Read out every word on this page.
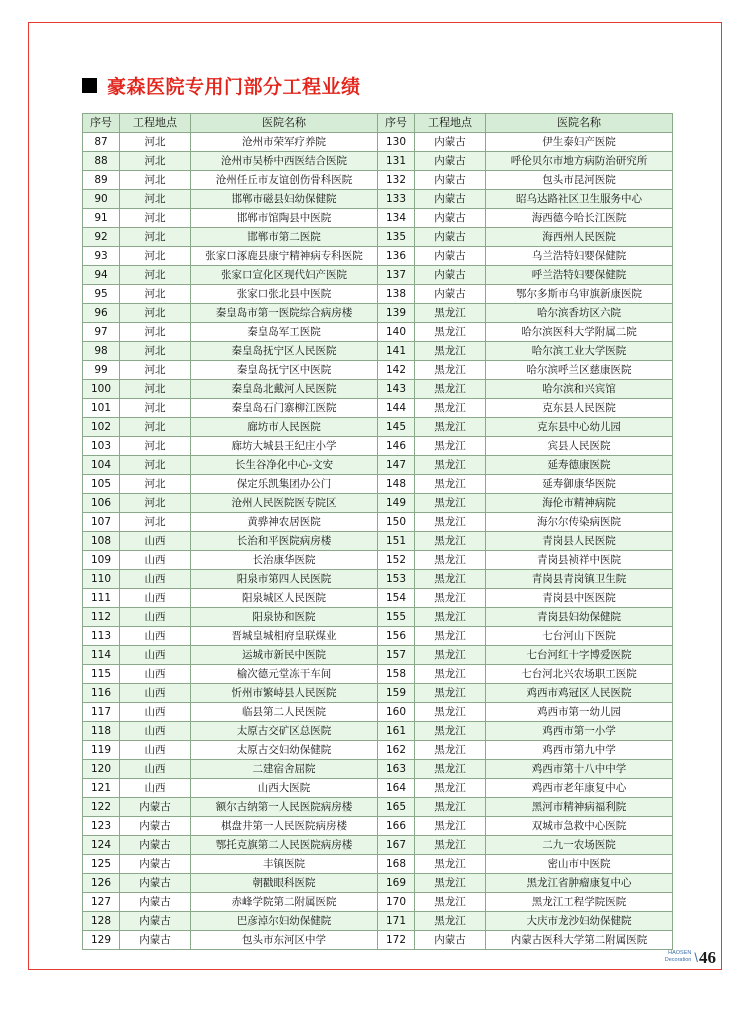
豪森医院专用门部分工程业绩
序号	工程地点	医院名称	序号	工程地点	医院名称
87	河北	沧州市荣军疗养院	130	内蒙古	伊生泰妇产医院
88	河北	沧州市吴桥中西医结合医院	131	内蒙古	呼伦贝尔市地方病防治研究所
89	河北	沧州任丘市友谊创伤骨科医院	132	内蒙古	包头市昆河医院
90	河北	邯郸市磁县妇幼保健院	133	内蒙古	昭乌达路社区卫生服务中心
91	河北	邯郸市馆陶县中医院	134	内蒙古	海西德今哈长江医院
92	河北	邯郸市第二医院	135	内蒙古	海西州人民医院
93	河北	张家口涿鹿县康宁精神病专科医院	136	内蒙古	乌兰浩特妇婴保健院
94	河北	张家口宣化区现代妇产医院	137	内蒙古	呼兰浩特妇婴保健院
95	河北	张家口张北县中医院	138	内蒙古	鄂尔多斯市乌审旗新康医院
96	河北	秦皇岛市第一医院综合病房楼	139	黑龙江	哈尔滨香坊区六院
97	河北	秦皇岛军工医院	140	黑龙江	哈尔滨医科大学附属二院
98	河北	秦皇岛抚宁区人民医院	141	黑龙江	哈尔滨工业大学医院
99	河北	秦皇岛抚宁区中医院	142	黑龙江	哈尔滨呼兰区慈康医院
100	河北	秦皇岛北戴河人民医院	143	黑龙江	哈尔滨和兴宾馆
101	河北	秦皇岛石门寨柳江医院	144	黑龙江	克东县人民医院
102	河北	廊坊市人民医院	145	黑龙江	克东县中心幼儿园
103	河北	廊坊大城县王纪庄小学	146	黑龙江	宾县人民医院
104	河北	长生谷净化中心-文安	147	黑龙江	延寿德康医院
105	河北	保定乐凯集团办公门	148	黑龙江	延寿御康华医院
106	河北	沧州人民医院医专院区	149	黑龙江	海伦市精神病院
107	河北	黄骅神农居医院	150	黑龙江	海尔尔传染病医院
108	山西	长治和平医院病房楼	151	黑龙江	青岗县人民医院
109	山西	长治康华医院	152	黑龙江	青岗县祯祥中医院
110	山西	阳泉市第四人民医院	153	黑龙江	青岗县青岗镇卫生院
111	山西	阳泉城区人民医院	154	黑龙江	青岗县中医医院
112	山西	阳泉协和医院	155	黑龙江	青岗县妇幼保健院
113	山西	晋城皇城相府皇联煤业	156	黑龙江	七台河山下医院
114	山西	运城市新民中医院	157	黑龙江	七台河红十字博爱医院
115	山西	榆次德元堂冻干车间	158	黑龙江	七台河北兴农场职工医院
116	山西	忻州市繁峙县人民医院	159	黑龙江	鸡西市鸡冠区人民医院
117	山西	临县第二人民医院	160	黑龙江	鸡西市第一幼儿园
118	山西	太原古交矿区总医院	161	黑龙江	鸡西市第一小学
119	山西	太原古交妇幼保健院	162	黑龙江	鸡西市第九中学
120	山西	二建宿舍屈院	163	黑龙江	鸡西市第十八中中学
121	山西	山西大医院	164	黑龙江	鸡西市老年康复中心
122	内蒙古	额尔古纳第一人民医院病房楼	165	黑龙江	黑河市精神病福利院
123	内蒙古	棋盘井第一人民医院病房楼	166	黑龙江	双城市急救中心医院
124	内蒙古	鄂托克旗第二人民医院病房楼	167	黑龙江	二九一农场医院
125	内蒙古	丰镇医院	168	黑龙江	密山市中医院
126	内蒙古	朝戳眼科医院	169	黑龙江	黑龙江省肿瘤康复中心
127	内蒙古	赤峰学院第二附属医院	170	黑龙江	黑龙江工程学院医院
128	内蒙古	巴彦淖尔妇幼保健院	171	黑龙江	大庆市龙沙妇幼保健院
129	内蒙古	包头市东河区中学	172	内蒙古	内蒙古医科大学第二附属医院
HAOSEN
Decoration \ 46
